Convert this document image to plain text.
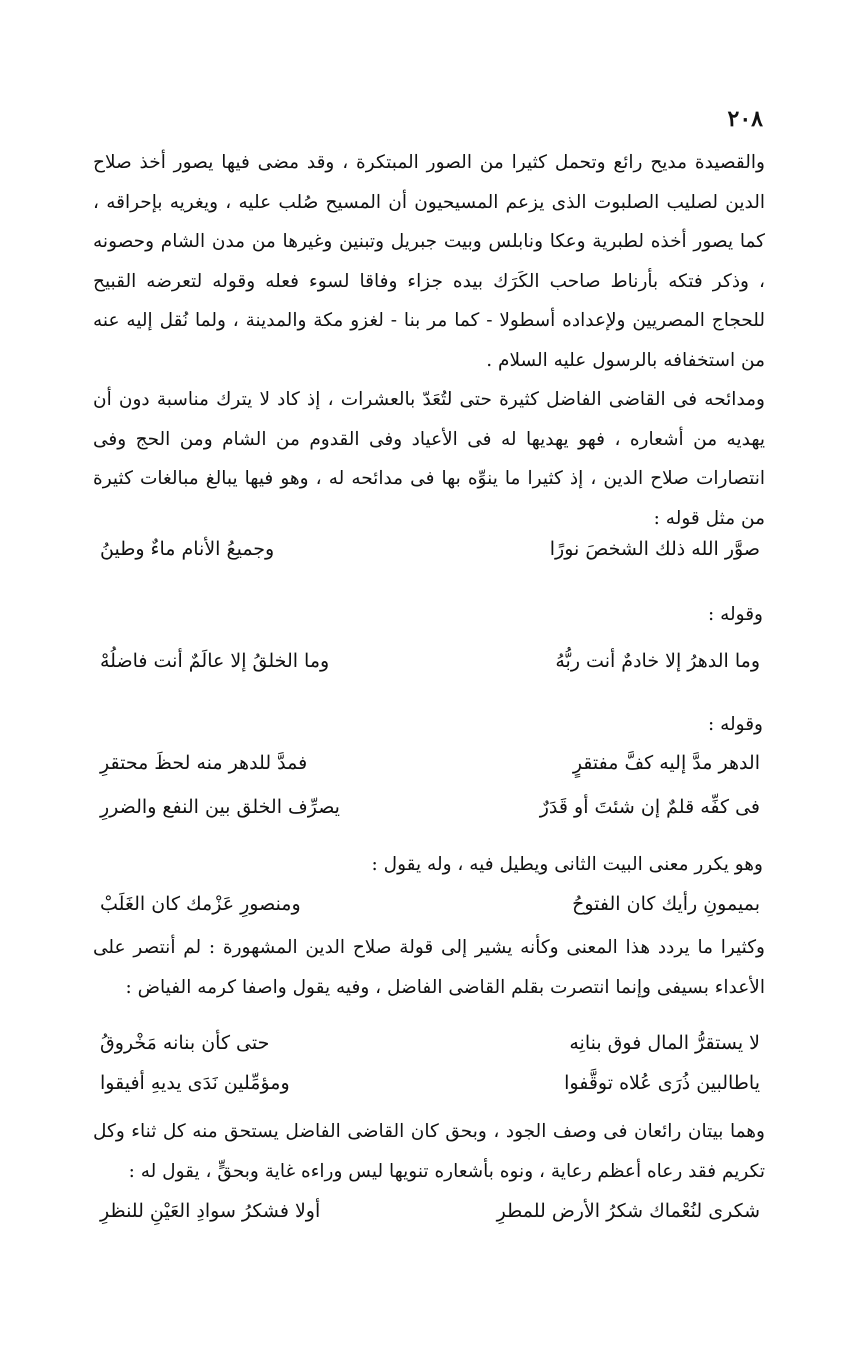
٢٠٨

والقصيدة مديح رائع وتحمل كثيرا من الصور المبتكرة ، وقد مضى فيها يصور أخذ صلاح الدين لصليب الصلبوت الذى يزعم المسيحيون أن المسيح صُلب عليه ، ويغريه بإحراقه ، كما يصور أخذه لطبرية وعكا ونابلس وبيت جبريل وتبنين وغيرها من مدن الشام وحصونه ، وذكر فتكه بأرناط صاحب الكَرَك بيده جزاء وفاقا لسوء فعله وقوله لتعرضه القبيح للحجاج المصريين ولإعداده أسطولا - كما مر بنا - لغزو مكة والمدينة ، ولما نُقل إليه عنه من استخفافه بالرسول عليه السلام .

ومدائحه فى القاضى الفاضل كثيرة حتى لتُعَدّ بالعشرات ، إذ كاد لا يترك مناسبة دون أن يهديه من أشعاره ، فهو يهديها له فى الأعياد وفى القدوم من الشام ومن الحج وفى انتصارات صلاح الدين ، إذ كثيرا ما ينوِّه بها فى مدائحه له ، وهو فيها يبالغ مبالغات كثيرة من مثل قوله :

صوَّر الله ذلك الشخصَ نورًا
وجميعُ الأنام ماءٌ وطينُ

وقوله :

وما الدهرُ إلا خادمٌ أنت ربُّهُ
وما الخلقُ إلا عالَمٌ أنت فاضلُهْ

وقوله :

الدهر مدَّ إليه كفَّ مفتقرٍ
فمدَّ للدهر منه لحظَ محتقرِ
فى كفِّه قلمٌ إن شئتَ أو قَدَرٌ
يصرِّف الخلق بين النفع والضررِ

وهو يكرر معنى البيت الثانى ويطيل فيه ، وله يقول :

بميمونِ رأيك كان الفتوحُ
ومنصورِ عَزْمك كان الغَلَبْ

وكثيرا ما يردد هذا المعنى وكأنه يشير إلى قولة صلاح الدين المشهورة : لم أنتصر على الأعداء بسيفى وإنما انتصرت بقلم القاضى الفاضل ، وفيه يقول واصفا كرمه الفياض :

لا يستقرُّ المال فوق بنانِه
حتى كأن بنانه مَخْروقُ
ياطالبين ذُرَى عُلاه توقَّفوا
ومؤمِّلين نَدَى يديهِ أفيقوا

وهما بيتان رائعان فى وصف الجود ، وبحق كان القاضى الفاضل يستحق منه كل ثناء وكل تكريم فقد رعاه أعظم رعاية ، ونوه بأشعاره تنويها ليس وراءه غاية وبحقٍّ ، يقول له :

شكرى لنُعْماك شكرُ الأرض للمطرِ
أولا فشكرُ سوادِ العَيْنِ للنظرِ
